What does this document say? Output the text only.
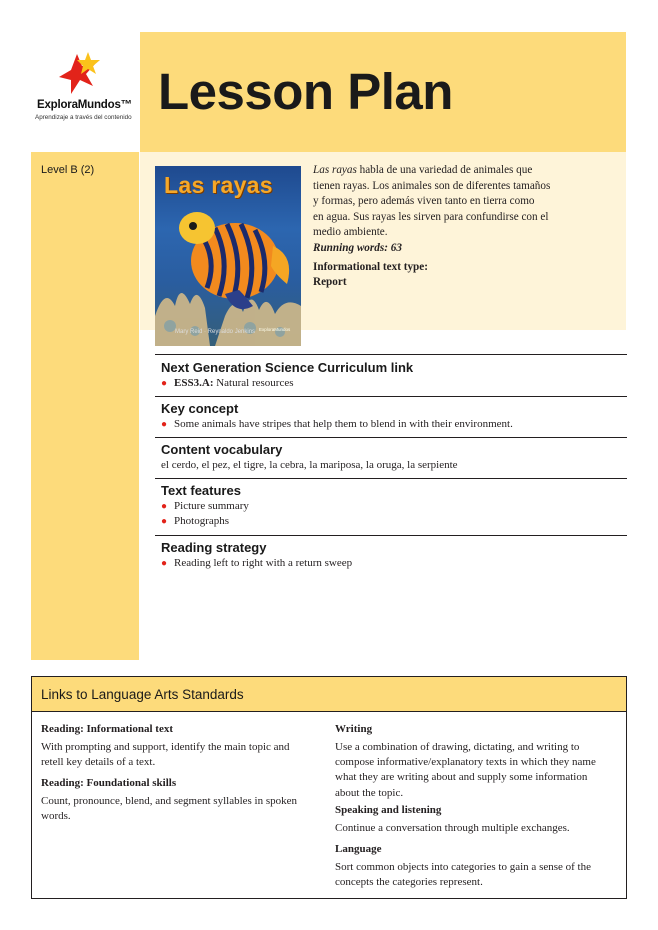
ExploraMundos™
Aprendizaje a través del contenido Lesson Plan
Level B (2)
Las rayas
Mary Reid · Reynaldo Jenkins ExploraMundos

Las rayas habla de una variedad de animales que
tienen rayas. Los animales son de diferentes tamaños
y formas, pero además viven tanto en tierra como
en agua. Sus rayas les sirven para confundirse con el
medio ambiente.

Running words: 63

Informational text type:

Report

Next Generation Science Curriculum link
● ESS3.A: Natural resources
Key concept
● Some animals have stripes that help them to blend in with their environment.
Content vocabulary
el cerdo, el pez, el tigre, la cebra, la mariposa, la oruga, la serpiente
Text features
● Picture summary
● Photographs
Reading strategy
● Reading left to right with a return sweep
Links to Language Arts Standards
Reading: Informational text
With prompting and support, identify the main topic and retell key details of a text.
Reading: Foundational skills
Count, pronounce, blend, and segment syllables in spoken words.
Writing
Use a combination of drawing, dictating, and writing to compose informative/explanatory texts in which they name what they are writing about and supply some information about the topic.
Speaking and listening
Continue a conversation through multiple exchanges.
Language
Sort common objects into categories to gain a sense of the concepts the categories represent.
